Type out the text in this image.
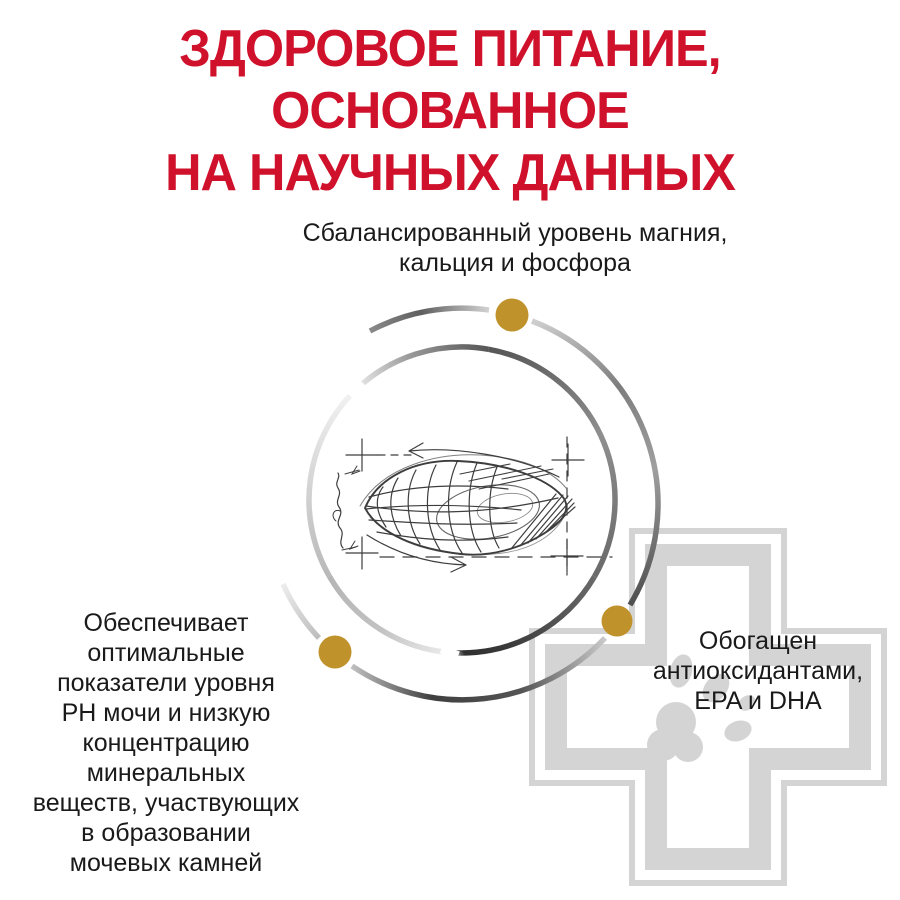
ЗДОРОВОЕ ПИТАНИЕ, ОСНОВАННОЕ
НА НАУЧНЫХ ДАННЫХ
Сбалансированный уровень магния,
кальция и фосфора
Обеспечивает
оптимальные
показатели уровня
PH мочи и низкую
концентрацию
минеральных
веществ, участвующих
в образовании
мочевых камней
Обогащен
антиоксидантами,
EPA и DHA
